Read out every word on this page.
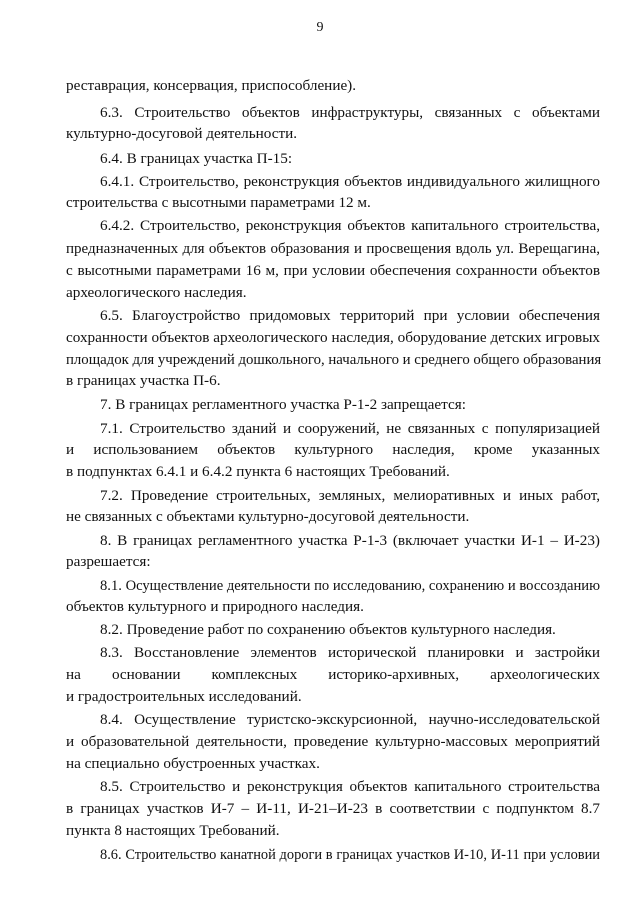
9
реставрация, консервация, приспособление).
6.3. Строительство объектов инфраструктуры, связанных с объектами
культурно-досуговой деятельности.
6.4. В границах участка П-15:
6.4.1. Строительство, реконструкция объектов индивидуального жилищного
строительства с высотными параметрами 12 м.
6.4.2. Строительство, реконструкция объектов капитального строительства,
предназначенных для объектов образования и просвещения вдоль ул. Верещагина,
с высотными параметрами 16 м, при условии обеспечения сохранности объектов
археологического наследия.
6.5. Благоустройство придомовых территорий при условии обеспечения
сохранности объектов археологического наследия, оборудование детских игровых
площадок для учреждений дошкольного, начального и среднего общего образования
в границах участка П-6.
7. В границах регламентного участка Р-1-2 запрещается:
7.1. Строительство зданий и сооружений, не связанных с популяризацией
и использованием объектов культурного наследия, кроме указанных
в подпунктах 6.4.1 и 6.4.2 пункта 6 настоящих Требований.
7.2. Проведение строительных, земляных, мелиоративных и иных работ,
не связанных с объектами культурно-досуговой деятельности.
8. В границах регламентного участка Р-1-3 (включает участки И-1 – И-23)
разрешается:
8.1. Осуществление деятельности по исследованию, сохранению и воссозданию
объектов культурного и природного наследия.
8.2. Проведение работ по сохранению объектов культурного наследия.
8.3. Восстановление элементов исторической планировки и застройки
на основании комплексных историко-архивных, археологических
и градостроительных исследований.
8.4. Осуществление туристско-экскурсионной, научно-исследовательской
и образовательной деятельности, проведение культурно-массовых мероприятий
на специально обустроенных участках.
8.5. Строительство и реконструкция объектов капитального строительства
в границах участков И-7 – И-11, И-21–И-23 в соответствии с подпунктом 8.7
пункта 8 настоящих Требований.
8.6. Строительство канатной дороги в границах участков И-10, И-11 при условии
